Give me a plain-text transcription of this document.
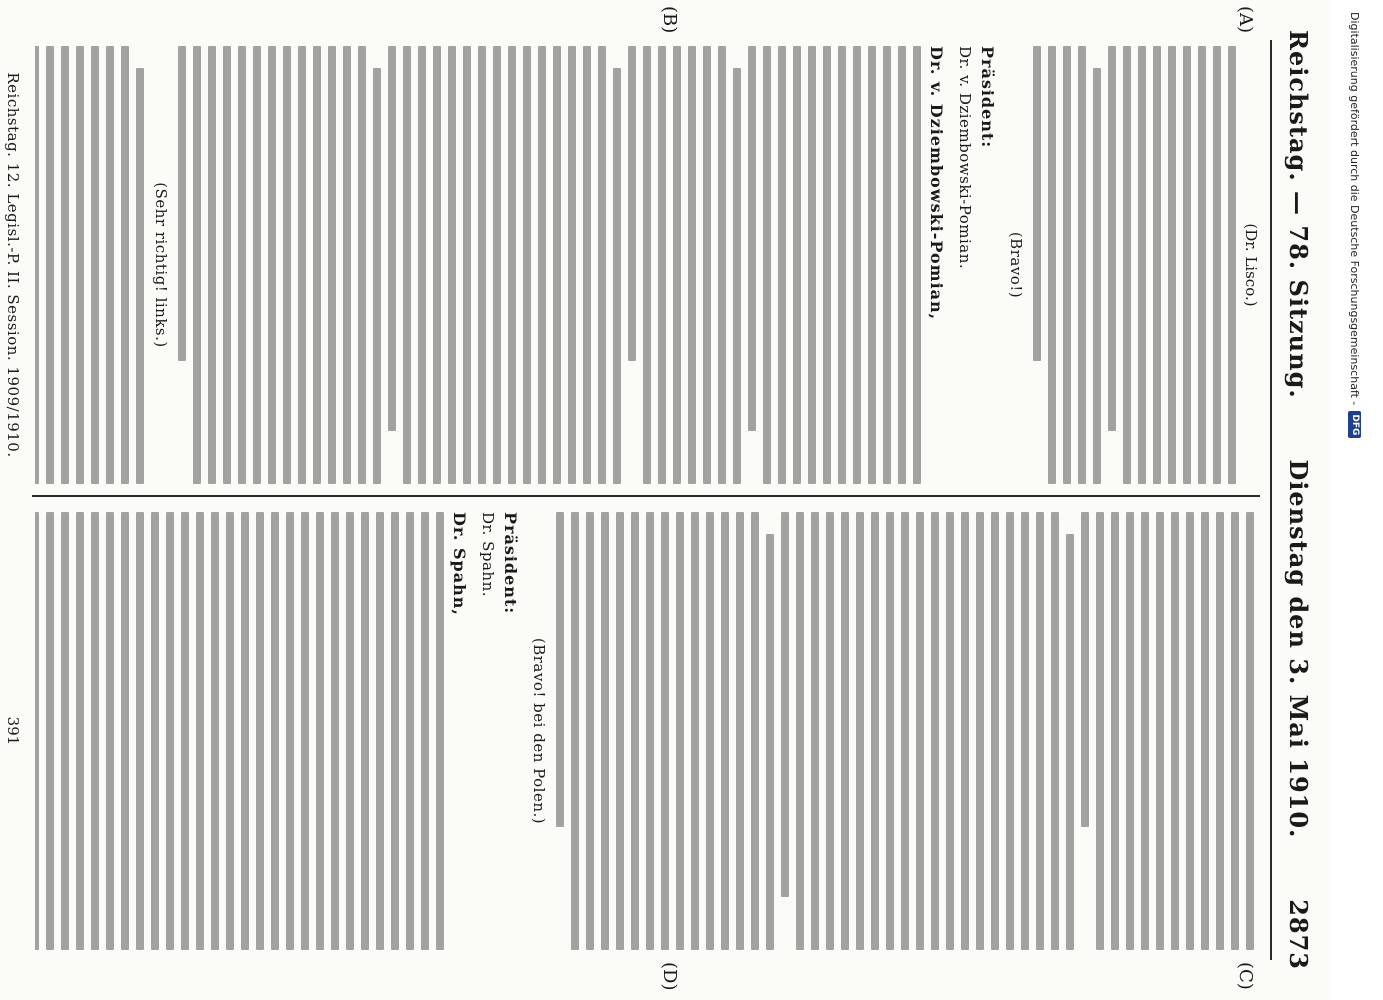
Reichstag. — 78. Sitzung.
Dienstag den 3. Mai 1910.
2873
(A)
(B)
(C)
(D)
(Dr. Lisco.)
(Bravo!)
Präsident:
Dr. v. Dziembowski-Pomian.
Dr. v. Dziembowski-Pomian,
(Sehr richtig! links.)
(Bravo! bei den Polen.)
Präsident:
Dr. Spahn.
Dr. Spahn,
Reichstag. 12. Legisl.-P. II. Session. 1909/1910.
391
Digitalisierung gefördert durch die Deutsche Forschungsgemeinschaft -
DFG
